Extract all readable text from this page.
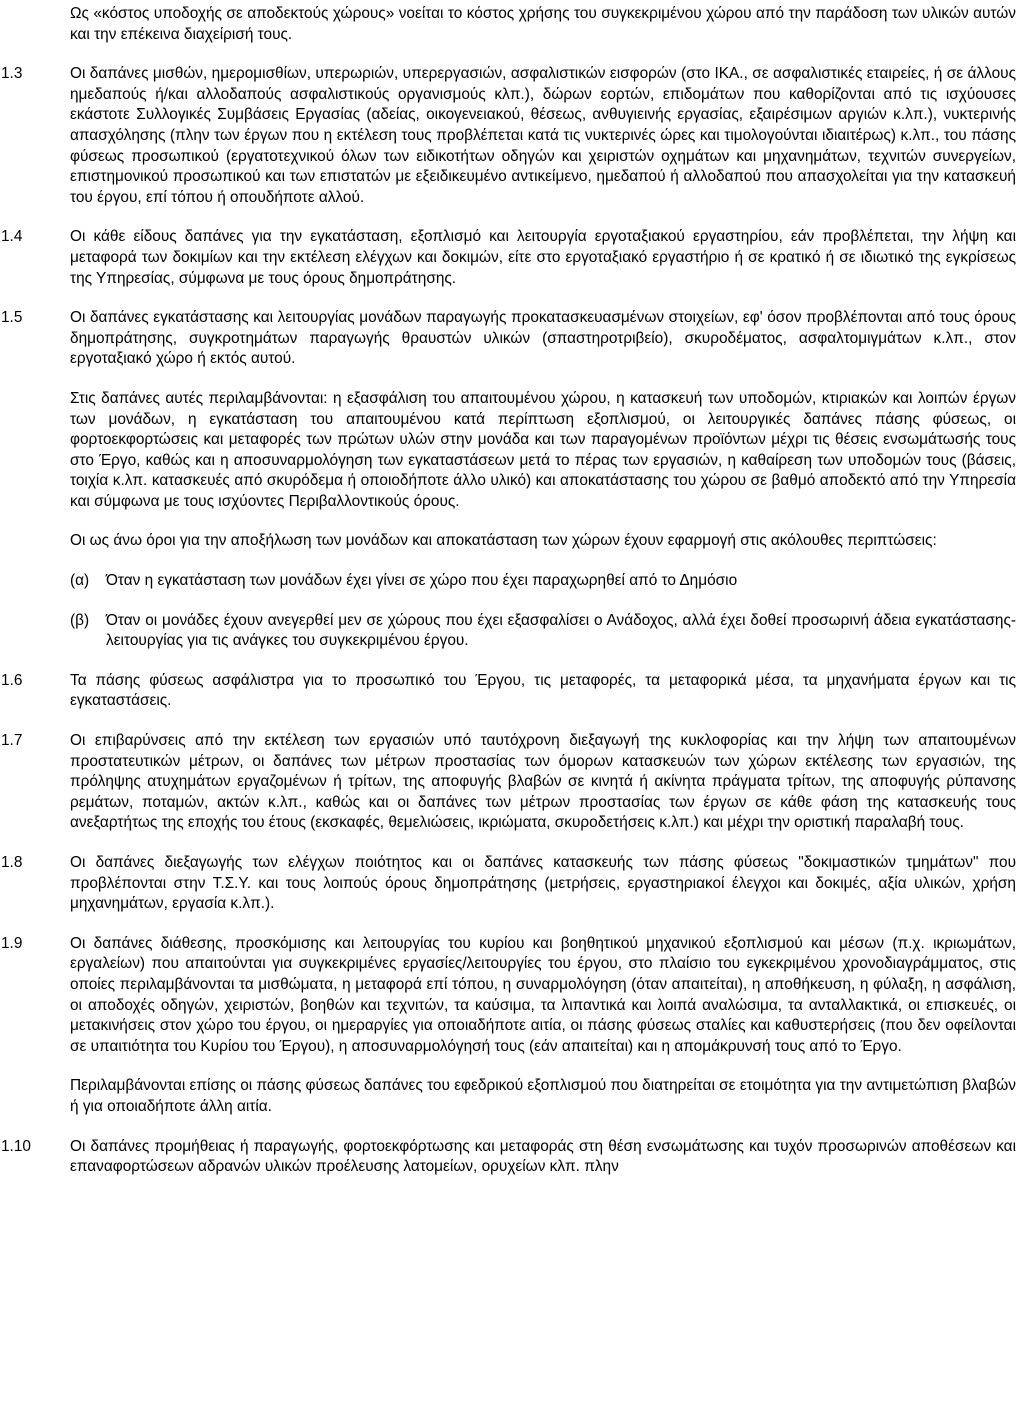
Ως «κόστος υποδοχής σε αποδεκτούς χώρους» νοείται το κόστος χρήσης του συγκεκριμένου χώρου από την παράδοση των υλικών αυτών και την επέκεινα διαχείρισή τους.

1.3	Οι δαπάνες μισθών, ημερομισθίων, υπερωριών, υπερεργασιών, ασφαλιστικών εισφορών (στο ΙΚΑ., σε ασφαλιστικές εταιρείες, ή σε άλλους ημεδαπούς ή/και αλλοδαπούς ασφαλιστικούς οργανισμούς κλπ.), δώρων εορτών, επιδομάτων που καθορίζονται από τις ισχύουσες εκάστοτε Συλλογικές Συμβάσεις Εργασίας (αδείας, οικογενειακού, θέσεως, ανθυγιεινής εργασίας, εξαιρέσιμων αργιών κ.λπ.), νυκτερινής απασχόλησης (πλην των έργων που η εκτέλεση τους προβλέπεται κατά τις νυκτερινές ώρες και τιμολογούνται ιδιαιτέρως) κ.λπ., του πάσης φύσεως προσωπικού (εργατοτεχνικού όλων των ειδικοτήτων οδηγών και χειριστών οχημάτων και μηχανημάτων, τεχνιτών συνεργείων, επιστημονικού προσωπικού και των επιστατών με εξειδικευμένο αντικείμενο, ημεδαπού ή αλλοδαπού που απασχολείται για την κατασκευή του έργου, επί τόπου ή οπουδήποτε αλλού.

1.4	Οι κάθε είδους δαπάνες για την εγκατάσταση, εξοπλισμό και λειτουργία εργοταξιακού εργαστηρίου, εάν προβλέπεται, την λήψη και μεταφορά των δοκιμίων και την εκτέλεση ελέγχων και δοκιμών, είτε στο εργοταξιακό εργαστήριο ή σε κρατικό ή σε ιδιωτικό της εγκρίσεως της Υπηρεσίας, σύμφωνα με τους όρους δημοπράτησης.

1.5	Οι δαπάνες εγκατάστασης και λειτουργίας μονάδων παραγωγής προκατασκευασμένων στοιχείων, εφ' όσον προβλέπονται από τους όρους δημοπράτησης, συγκροτημάτων παραγωγής θραυστών υλικών (σπαστηροτριβείο), σκυροδέματος, ασφαλτομιγμάτων κ.λπ., στον εργοταξιακό χώρο ή εκτός αυτού.

Στις δαπάνες αυτές περιλαμβάνονται: η εξασφάλιση του απαιτουμένου χώρου, η κατασκευή των υποδομών, κτιριακών και λοιπών έργων των μονάδων, η εγκατάσταση του απαιτουμένου κατά περίπτωση εξοπλισμού, οι λειτουργικές δαπάνες πάσης φύσεως, οι φορτοεκφορτώσεις και μεταφορές των πρώτων υλών στην μονάδα και των παραγομένων προϊόντων μέχρι τις θέσεις ενσωμάτωσής τους στο Έργο, καθώς και η αποσυναρμολόγηση των εγκαταστάσεων μετά το πέρας των εργασιών, η καθαίρεση των υποδομών τους (βάσεις, τοιχία κ.λπ. κατασκευές από σκυρόδεμα ή οποιοδήποτε άλλο υλικό) και αποκατάστασης του χώρου σε βαθμό αποδεκτό από την Υπηρεσία και σύμφωνα με τους ισχύοντες Περιβαλλοντικούς όρους.

Οι ως άνω όροι για την αποξήλωση των μονάδων και αποκατάσταση των χώρων έχουν εφαρμογή στις ακόλουθες περιπτώσεις:

(α) Όταν η εγκατάσταση των μονάδων έχει γίνει σε χώρο που έχει παραχωρηθεί από το Δημόσιο

(β) Όταν οι μονάδες έχουν ανεγερθεί μεν σε χώρους που έχει εξασφαλίσει ο Ανάδοχος, αλλά έχει δοθεί προσωρινή άδεια εγκατάστασης-λειτουργίας για τις ανάγκες του συγκεκριμένου έργου.

1.6	Τα πάσης φύσεως ασφάλιστρα για το προσωπικό του Έργου, τις μεταφορές, τα μεταφορικά μέσα, τα μηχανήματα έργων και τις εγκαταστάσεις.

1.7	Οι επιβαρύνσεις από την εκτέλεση των εργασιών υπό ταυτόχρονη διεξαγωγή της κυκλοφορίας και την λήψη των απαιτουμένων προστατευτικών μέτρων, οι δαπάνες των μέτρων προστασίας των όμορων κατασκευών των χώρων εκτέλεσης των εργασιών, της πρόληψης ατυχημάτων εργαζομένων ή τρίτων, της αποφυγής βλαβών σε κινητά ή ακίνητα πράγματα τρίτων, της αποφυγής ρύπανσης ρεμάτων, ποταμών, ακτών κ.λπ., καθώς και οι δαπάνες των μέτρων προστασίας των έργων σε κάθε φάση της κατασκευής τους ανεξαρτήτως της εποχής του έτους (εκσκαφές, θεμελιώσεις, ικριώματα, σκυροδετήσεις κ.λπ.) και μέχρι την οριστική παραλαβή τους.

1.8	Οι δαπάνες διεξαγωγής των ελέγχων ποιότητος και οι δαπάνες κατασκευής των πάσης φύσεως "δοκιμαστικών τμημάτων" που προβλέπονται στην Τ.Σ.Υ. και τους λοιπούς όρους δημοπράτησης (μετρήσεις, εργαστηριακοί έλεγχοι και δοκιμές, αξία υλικών, χρήση μηχανημάτων, εργασία κ.λπ.).

1.9	Οι δαπάνες διάθεσης, προσκόμισης και λειτουργίας του κυρίου και βοηθητικού μηχανικού εξοπλισμού και μέσων (π.χ. ικριωμάτων, εργαλείων) που απαιτούνται για συγκεκριμένες εργασίες/λειτουργίες του έργου, στο πλαίσιο του εγκεκριμένου χρονοδιαγράμματος, στις οποίες περιλαμβάνονται τα μισθώματα, η μεταφορά επί τόπου, η συναρμολόγηση (όταν απαιτείται), η αποθήκευση, η φύλαξη, η ασφάλιση, οι αποδοχές οδηγών, χειριστών, βοηθών και τεχνιτών, τα καύσιμα, τα λιπαντικά και λοιπά αναλώσιμα, τα ανταλλακτικά, οι επισκευές, οι μετακινήσεις στον χώρο του έργου, οι ημεραργίες για οποιαδήποτε αιτία, οι πάσης φύσεως σταλίες και καθυστερήσεις (που δεν οφείλονται σε υπαιτιότητα του Κυρίου του Έργου), η αποσυναρμολόγησή τους (εάν απαιτείται) και η απομάκρυνσή τους από το Έργο.

Περιλαμβάνονται επίσης οι πάσης φύσεως δαπάνες του εφεδρικού εξοπλισμού που διατηρείται σε ετοιμότητα για την αντιμετώπιση βλαβών ή για οποιαδήποτε άλλη αιτία.

1.10	Οι δαπάνες προμήθειας ή παραγωγής, φορτοεκφόρτωσης και μεταφοράς στη θέση ενσωμάτωσης και τυχόν προσωρινών αποθέσεων και επαναφορτώσεων αδρανών υλικών προέλευσης λατομείων, ορυχείων κλπ. πλην
